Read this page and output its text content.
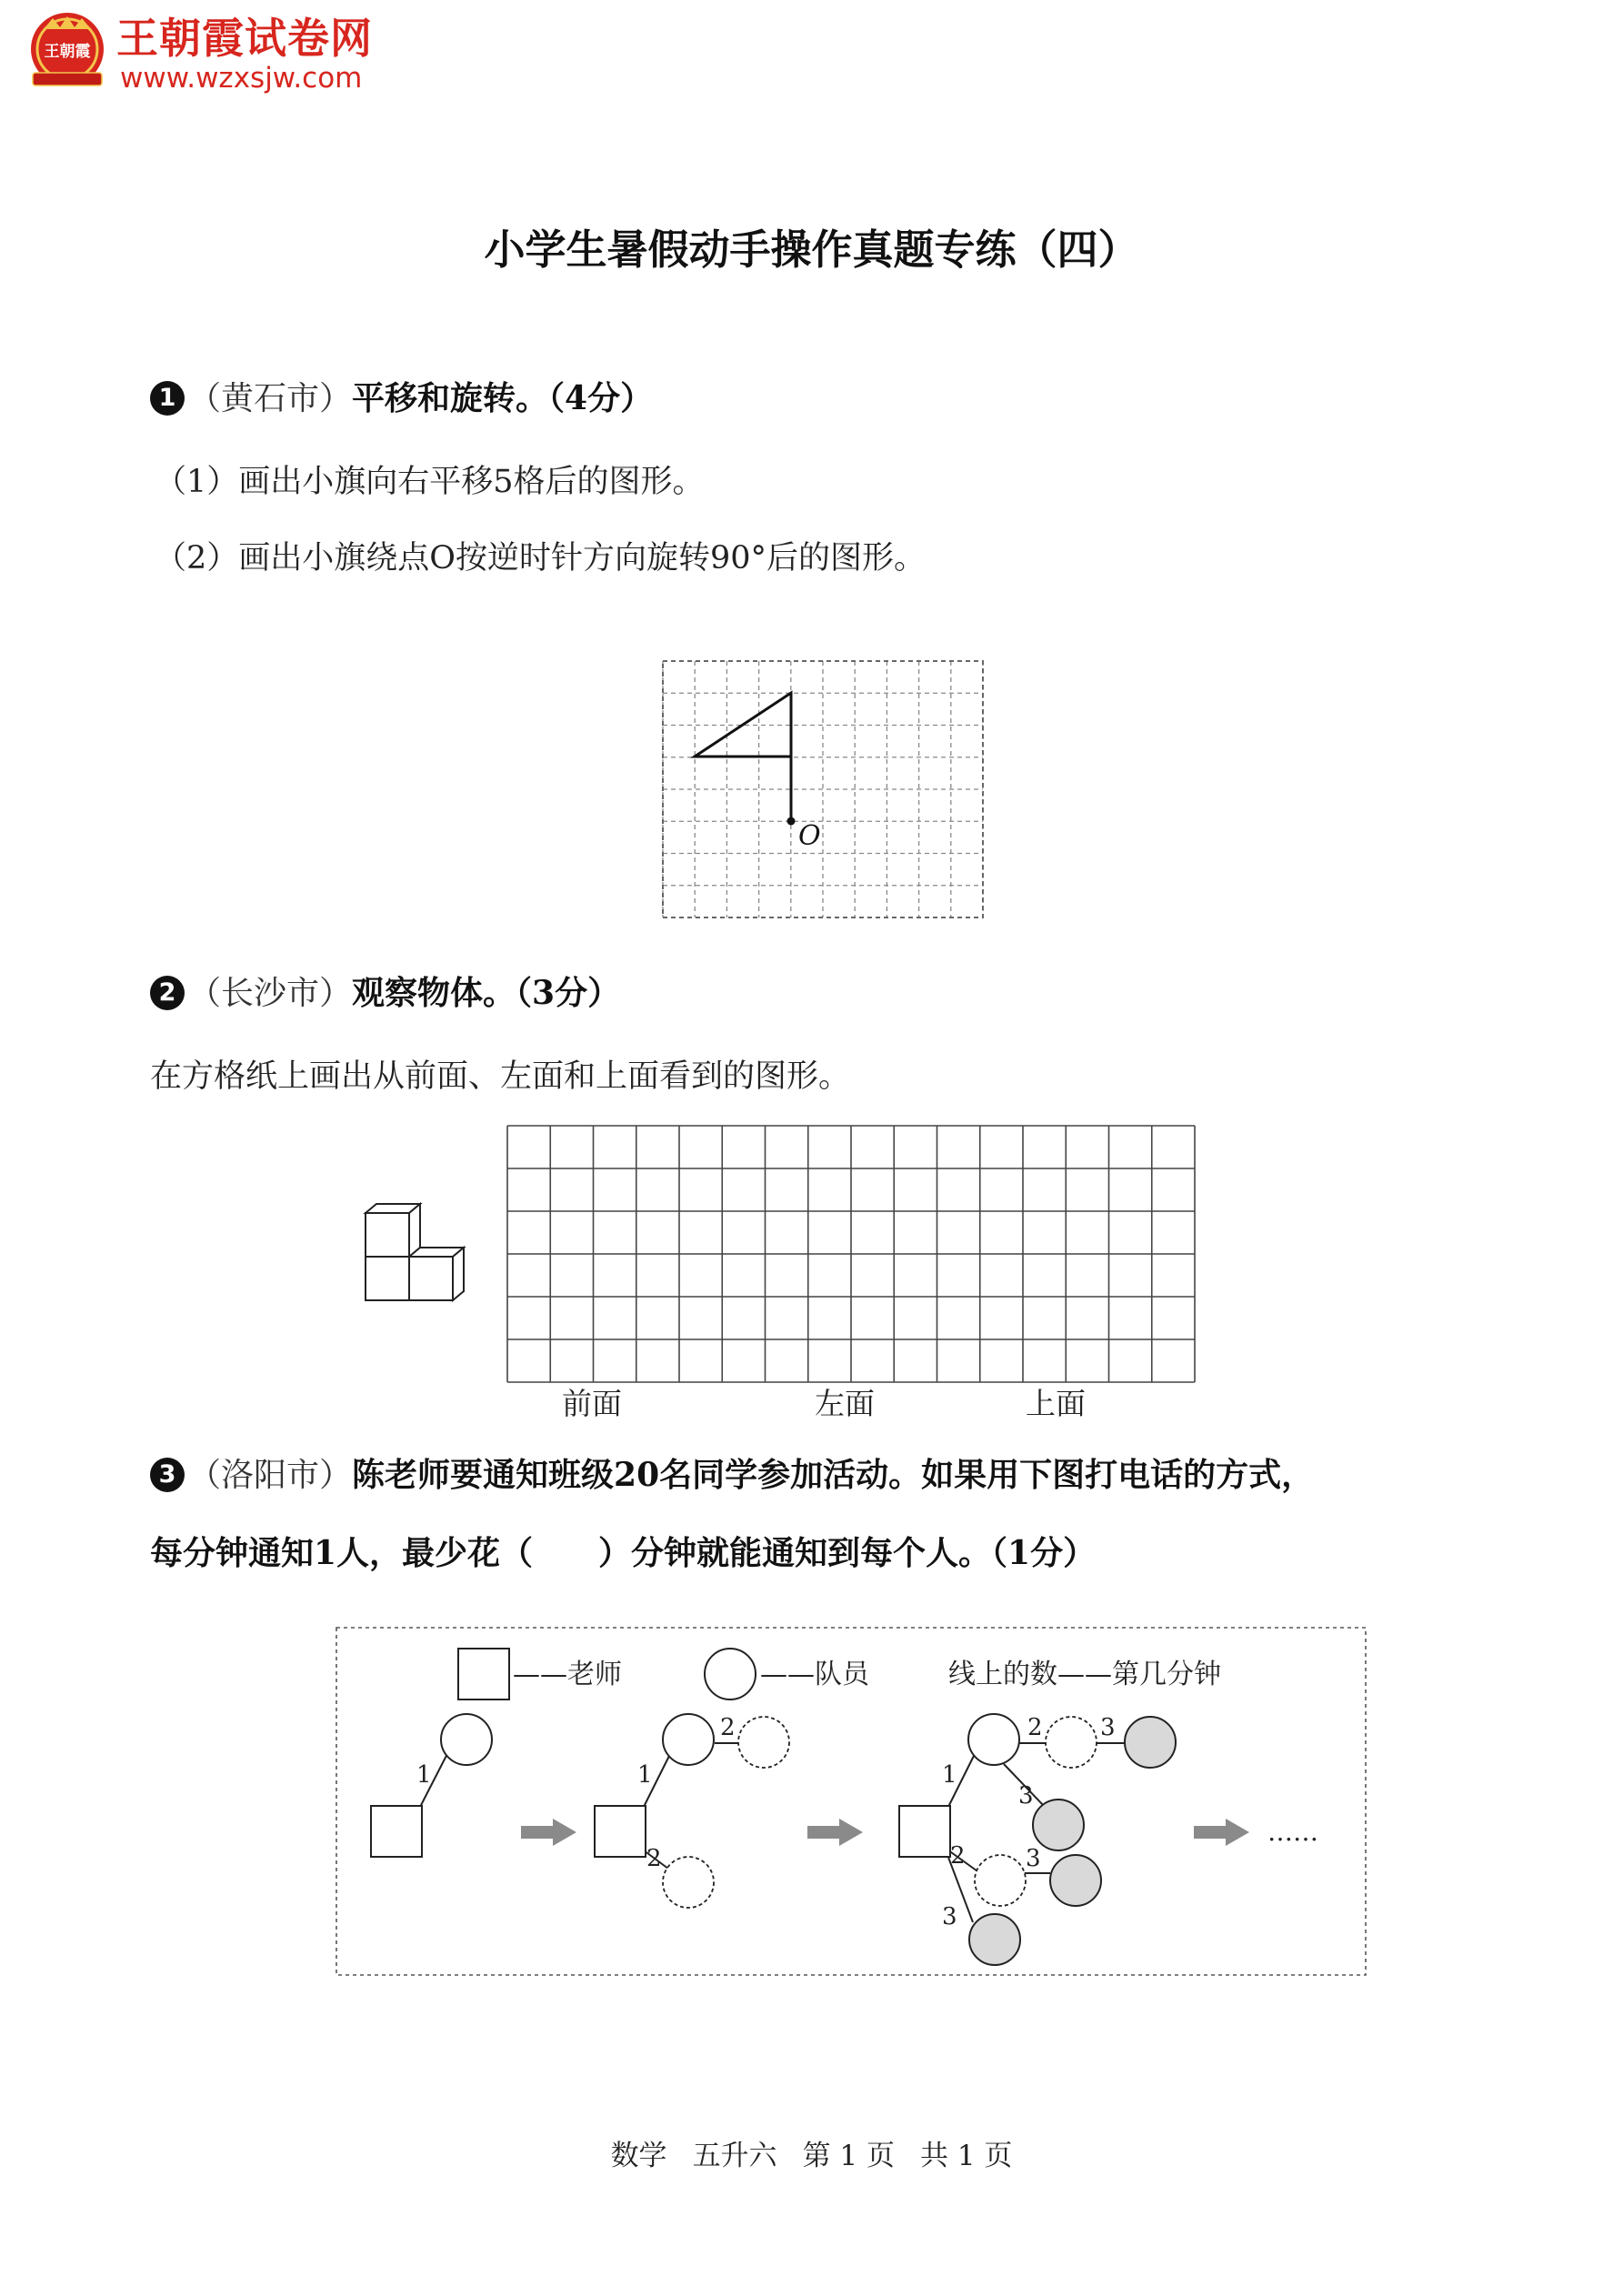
王朝霞 王朝霞试卷网
www.wzxsjw.com
小学生暑假动手操作真题专练（四）
1 （黄石市）平移和旋转。（4分）
（1）画出小旗向右平移5格后的图形。
（2）画出小旗绕点O按逆时针方向旋转90°后的图形。
O
2 （长沙市）观察物体。（3分）
在方格纸上画出从前面、左面和上面看到的图形。
前面	左面	上面
3 （洛阳市）陈老师要通知班级20名同学参加活动。如果用下图打电话的方式，
每分钟通知1人，最少花（　　）分钟就能通知到每个人。（1分）
——老师	——队员	线上的数——第几分钟
1	1
2
2
1
2 3
3
2	3
3
……
数学 五升六 第 1 页 共 1 页
